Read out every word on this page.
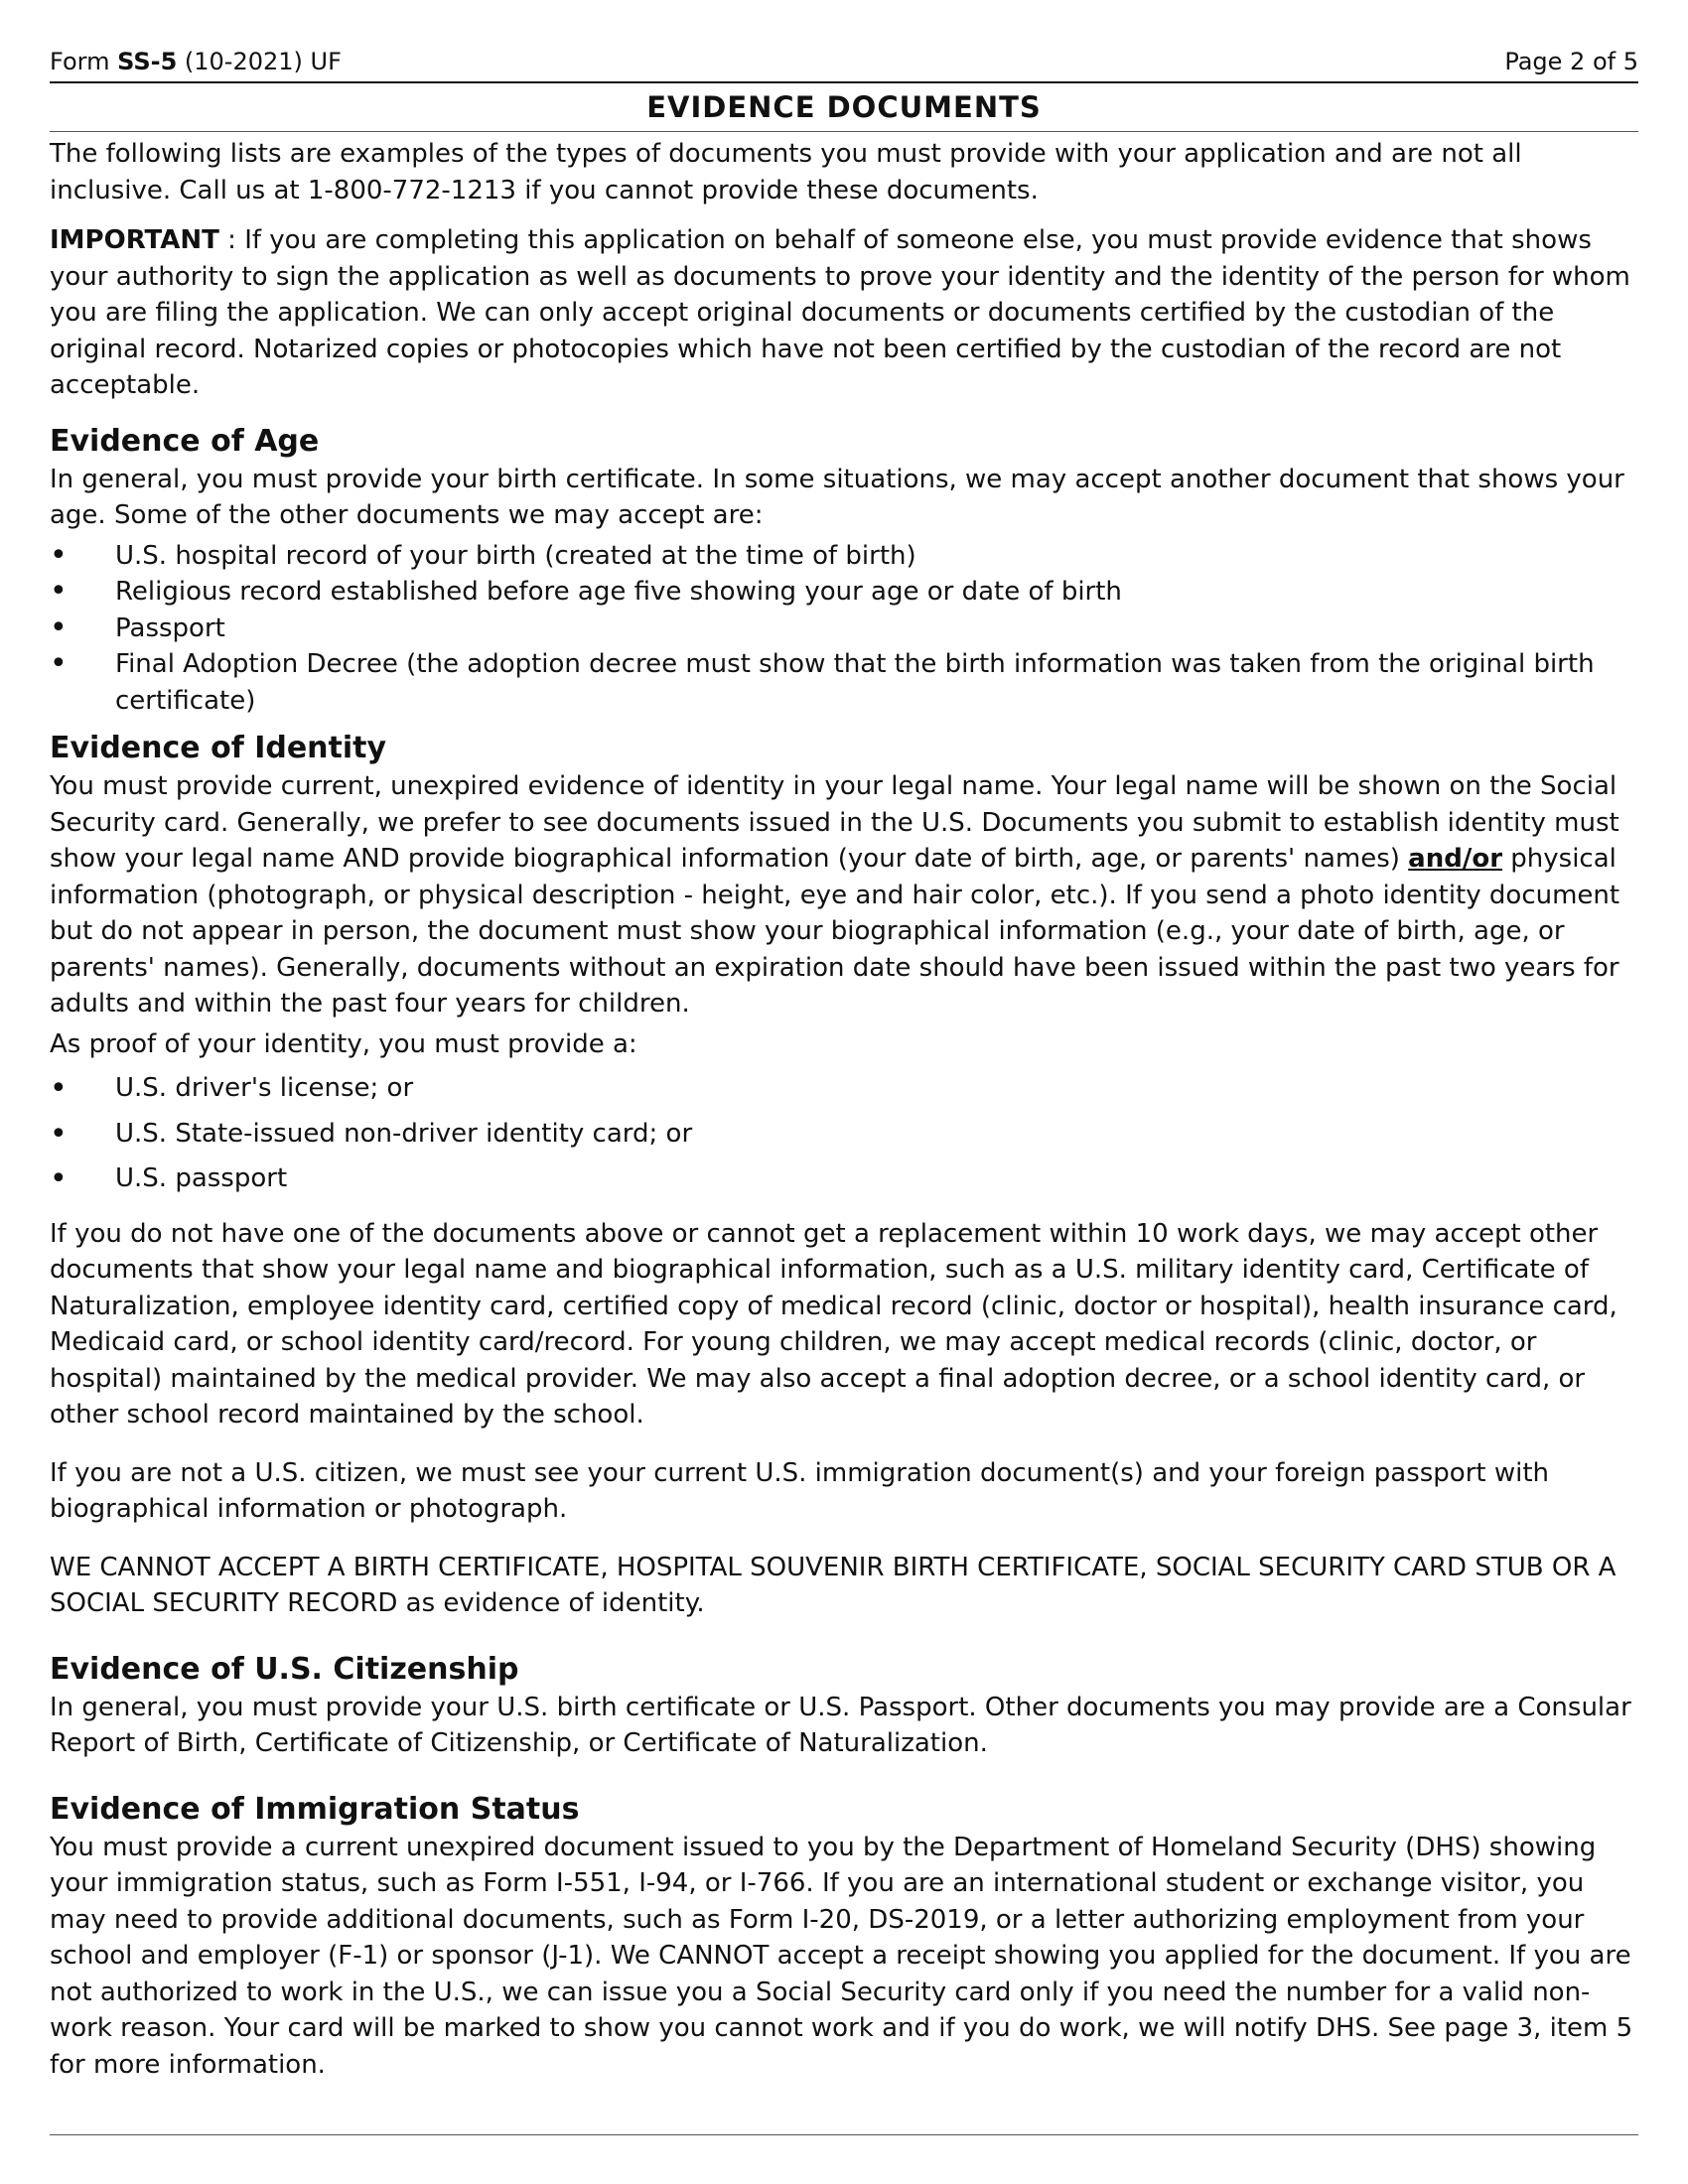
Form SS-5 (10-2021) UF	Page 2 of 5
EVIDENCE DOCUMENTS

The following lists are examples of the types of documents you must provide with your application and are not all inclusive. Call us at 1-800-772-1213 if you cannot provide these documents.

IMPORTANT : If you are completing this application on behalf of someone else, you must provide evidence that shows your authority to sign the application as well as documents to prove your identity and the identity of the person for whom you are filing the application. We can only accept original documents or documents certified by the custodian of the original record. Notarized copies or photocopies which have not been certified by the custodian of the record are not acceptable.

Evidence of Age

In general, you must provide your birth certificate. In some situations, we may accept another document that shows your age. Some of the other documents we may accept are:

• U.S. hospital record of your birth (created at the time of birth)
• Religious record established before age five showing your age or date of birth
• Passport
• Final Adoption Decree (the adoption decree must show that the birth information was taken from the original birth certificate)
Evidence of Identity

You must provide current, unexpired evidence of identity in your legal name. Your legal name will be shown on the Social Security card. Generally, we prefer to see documents issued in the U.S. Documents you submit to establish identity must show your legal name AND provide biographical information (your date of birth, age, or parents' names) and/or physical information (photograph, or physical description - height, eye and hair color, etc.). If you send a photo identity document but do not appear in person, the document must show your biographical information (e.g., your date of birth, age, or parents' names). Generally, documents without an expiration date should have been issued within the past two years for adults and within the past four years for children.

As proof of your identity, you must provide a:

• U.S. driver's license; or
• U.S. State-issued non-driver identity card; or
• U.S. passport

If you do not have one of the documents above or cannot get a replacement within 10 work days, we may accept other documents that show your legal name and biographical information, such as a U.S. military identity card, Certificate of Naturalization, employee identity card, certified copy of medical record (clinic, doctor or hospital), health insurance card, Medicaid card, or school identity card/record. For young children, we may accept medical records (clinic, doctor, or hospital) maintained by the medical provider. We may also accept a final adoption decree, or a school identity card, or other school record maintained by the school.

If you are not a U.S. citizen, we must see your current U.S. immigration document(s) and your foreign passport with biographical information or photograph.

WE CANNOT ACCEPT A BIRTH CERTIFICATE, HOSPITAL SOUVENIR BIRTH CERTIFICATE, SOCIAL SECURITY CARD STUB OR A SOCIAL SECURITY RECORD as evidence of identity.

Evidence of U.S. Citizenship

In general, you must provide your U.S. birth certificate or U.S. Passport. Other documents you may provide are a Consular Report of Birth, Certificate of Citizenship, or Certificate of Naturalization.

Evidence of Immigration Status

You must provide a current unexpired document issued to you by the Department of Homeland Security (DHS) showing your immigration status, such as Form I-551, I-94, or I-766. If you are an international student or exchange visitor, you may need to provide additional documents, such as Form I-20, DS-2019, or a letter authorizing employment from your school and employer (F-1) or sponsor (J-1). We CANNOT accept a receipt showing you applied for the document. If you are not authorized to work in the U.S., we can issue you a Social Security card only if you need the number for a valid non-work reason. Your card will be marked to show you cannot work and if you do work, we will notify DHS. See page 3, item 5 for more information.
